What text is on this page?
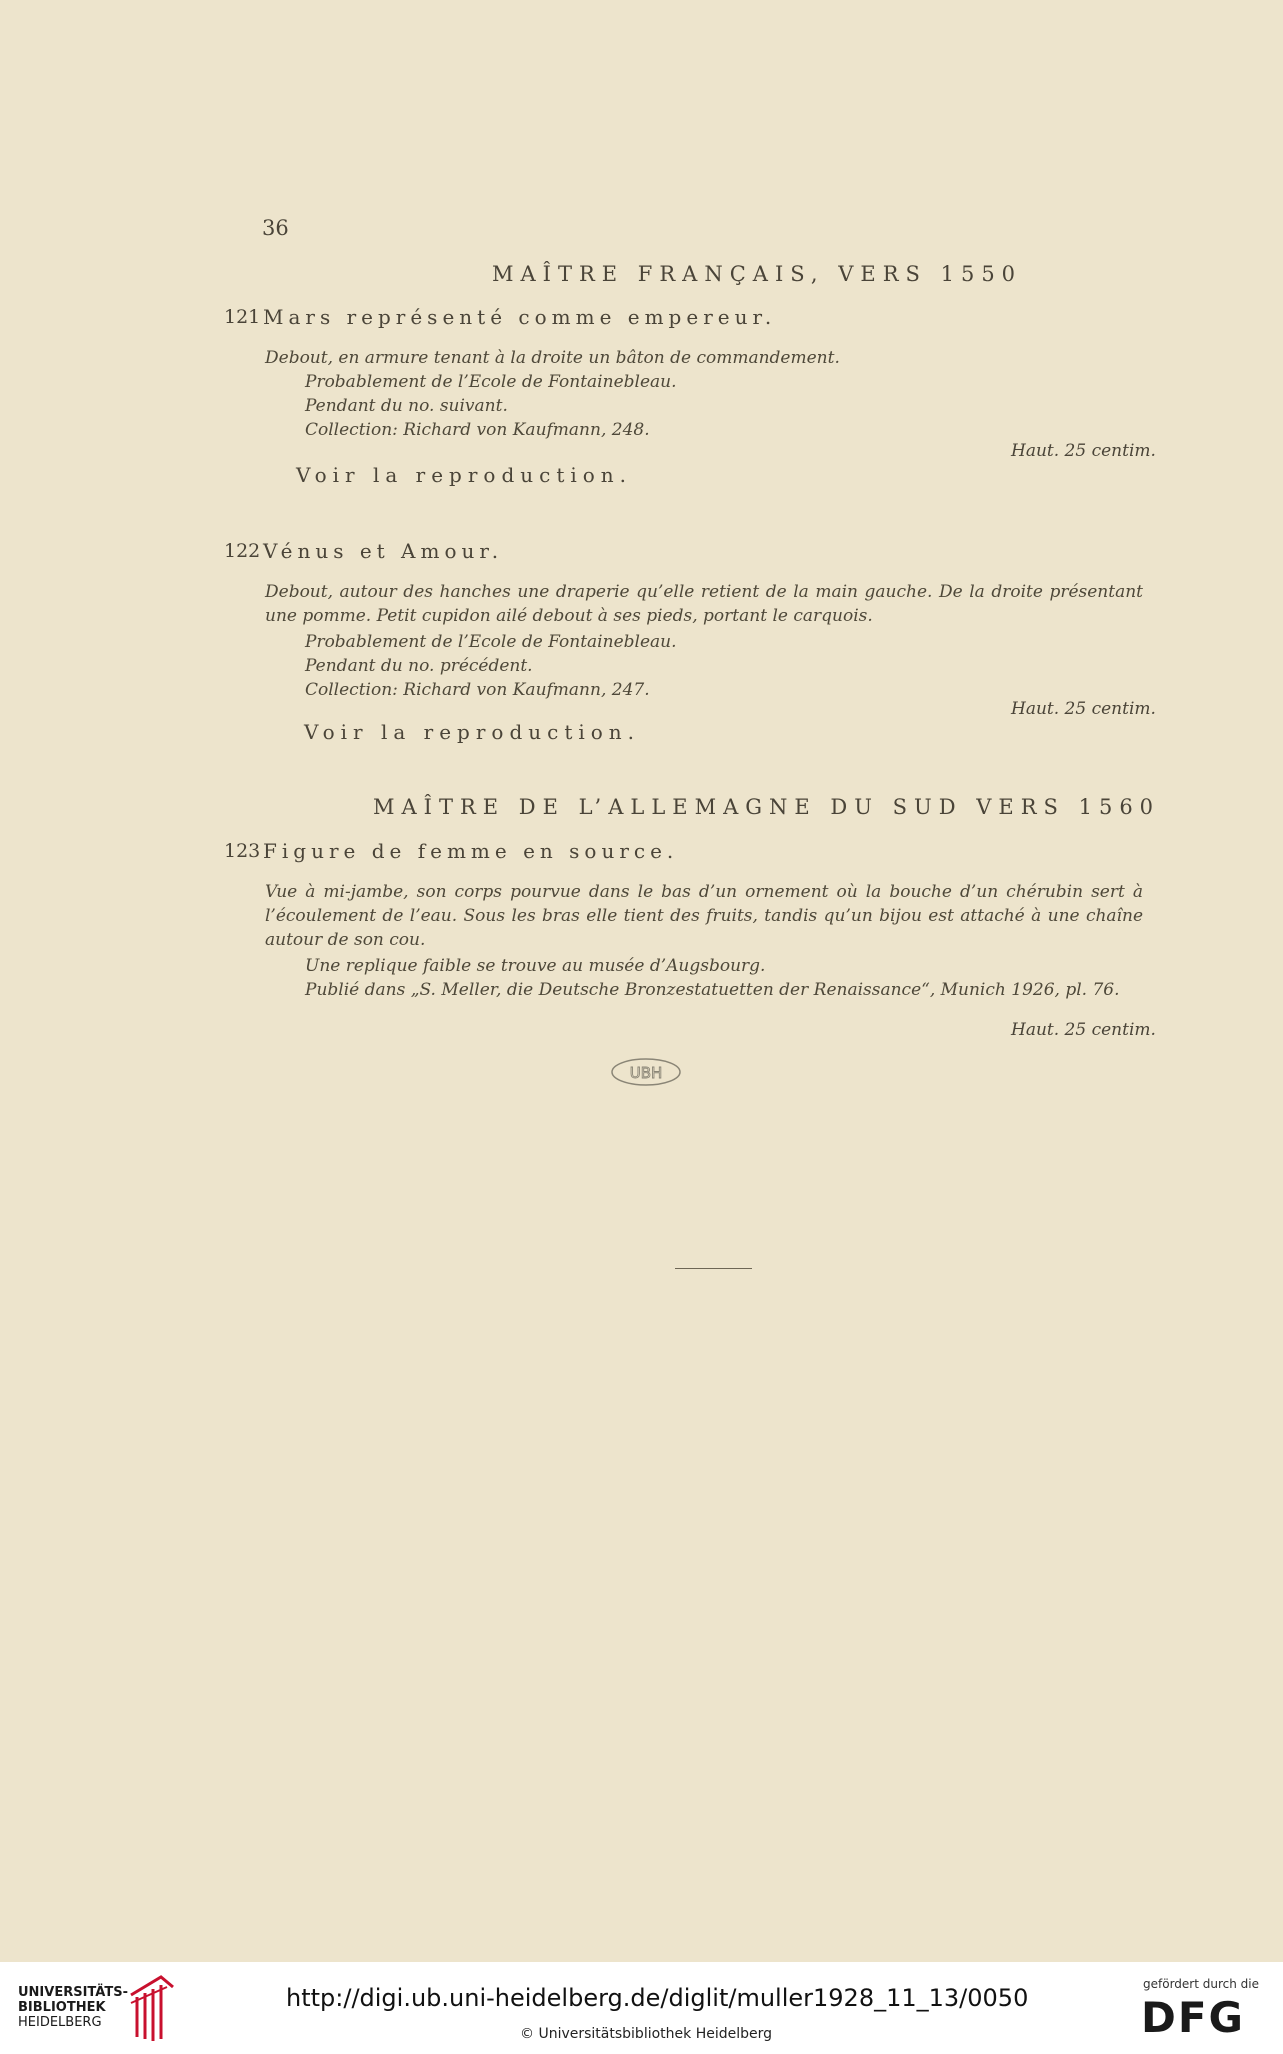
36
MAÎTRE FRANÇAIS, VERS 1550
121 Mars représenté comme empereur.
Debout, en armure tenant à la droite un bâton de commandement.
Probablement de l’Ecole de Fontainebleau.
Pendant du no. suivant.
Collection: Richard von Kaufmann, 248.
Haut. 25 centim.
Voir la reproduction.
122 Vénus et Amour.
Debout, autour des hanches une draperie qu’elle retient de la main gauche. De la droite présentant une pomme. Petit cupidon ailé debout à ses pieds, portant le carquois.
Probablement de l’Ecole de Fontainebleau.
Pendant du no. précédent.
Collection: Richard von Kaufmann, 247.
Haut. 25 centim.
Voir la reproduction.
MAÎTRE DE L’ALLEMAGNE DU SUD VERS 1560
123 Figure de femme en source.
Vue à mi-jambe, son corps pourvue dans le bas d’un ornement où la bouche d’un chérubin sert à l’écoulement de l’eau. Sous les bras elle tient des fruits, tandis qu’un bijou est attaché à une chaîne autour de son cou.
Une replique faible se trouve au musée d’Augsbourg.
Publié dans „S. Meller, die Deutsche Bronzestatuetten der Renaissance“, Munich 1926, pl. 76.
Haut. 25 centim.
UBH
UNIVERSITÄTS-
BIBLIOTHEK
HEIDELBERG
http://digi.ub.uni-heidelberg.de/diglit/muller1928_11_13/0050
© Universitätsbibliothek Heidelberg
gefördert durch die
DFG
